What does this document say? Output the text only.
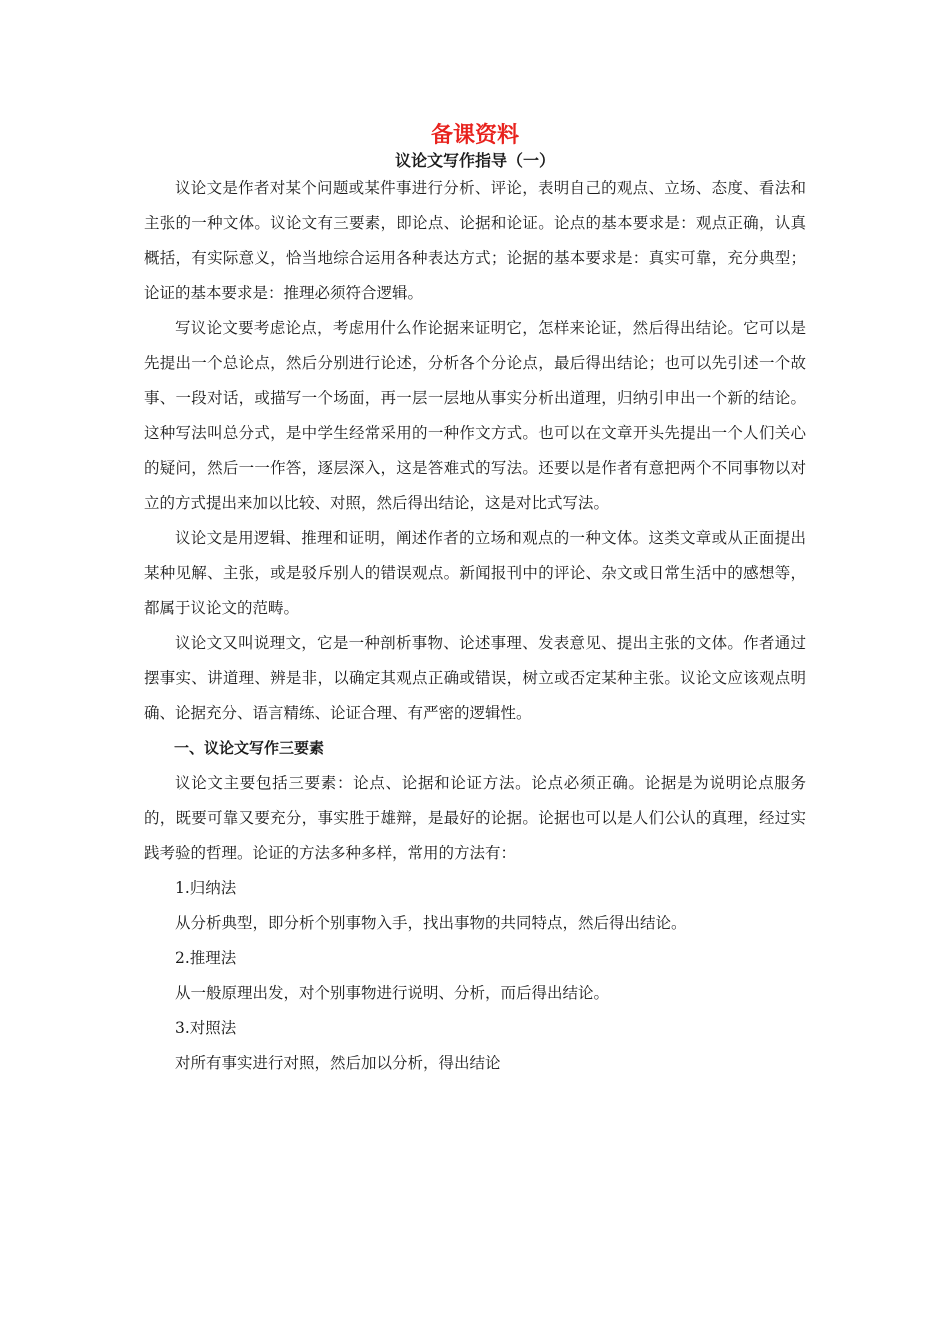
备课资料
议论文写作指导（一）

议论文是作者对某个问题或某件事进行分析、评论，表明自己的观点、立场、态度、看法和主张的一种文体。议论文有三要素，即论点、论据和论证。论点的基本要求是：观点正确，认真概括，有实际意义，恰当地综合运用各种表达方式；论据的基本要求是：真实可靠，充分典型；论证的基本要求是：推理必须符合逻辑。

写议论文要考虑论点，考虑用什么作论据来证明它，怎样来论证，然后得出结论。它可以是先提出一个总论点，然后分别进行论述，分析各个分论点，最后得出结论；也可以先引述一个故事、一段对话，或描写一个场面，再一层一层地从事实分析出道理，归纳引申出一个新的结论。这种写法叫总分式，是中学生经常采用的一种作文方式。也可以在文章开头先提出一个人们关心的疑问，然后一一作答，逐层深入，这是答难式的写法。还要以是作者有意把两个不同事物以对立的方式提出来加以比较、对照，然后得出结论，这是对比式写法。

议论文是用逻辑、推理和证明，阐述作者的立场和观点的一种文体。这类文章或从正面提出某种见解、主张，或是驳斥别人的错误观点。新闻报刊中的评论、杂文或日常生活中的感想等，都属于议论文的范畴。

议论文又叫说理文，它是一种剖析事物、论述事理、发表意见、提出主张的文体。作者通过摆事实、讲道理、辨是非，以确定其观点正确或错误，树立或否定某种主张。议论文应该观点明确、论据充分、语言精练、论证合理、有严密的逻辑性。

一、议论文写作三要素

议论文主要包括三要素：论点、论据和论证方法。论点必须正确。论据是为说明论点服务的，既要可靠又要充分，事实胜于雄辩，是最好的论据。论据也可以是人们公认的真理，经过实践考验的哲理。论证的方法多种多样，常用的方法有：

1.归纳法

从分析典型，即分析个别事物入手，找出事物的共同特点，然后得出结论。

2.推理法

从一般原理出发，对个别事物进行说明、分析，而后得出结论。

3.对照法

对所有事实进行对照，然后加以分析，得出结论
